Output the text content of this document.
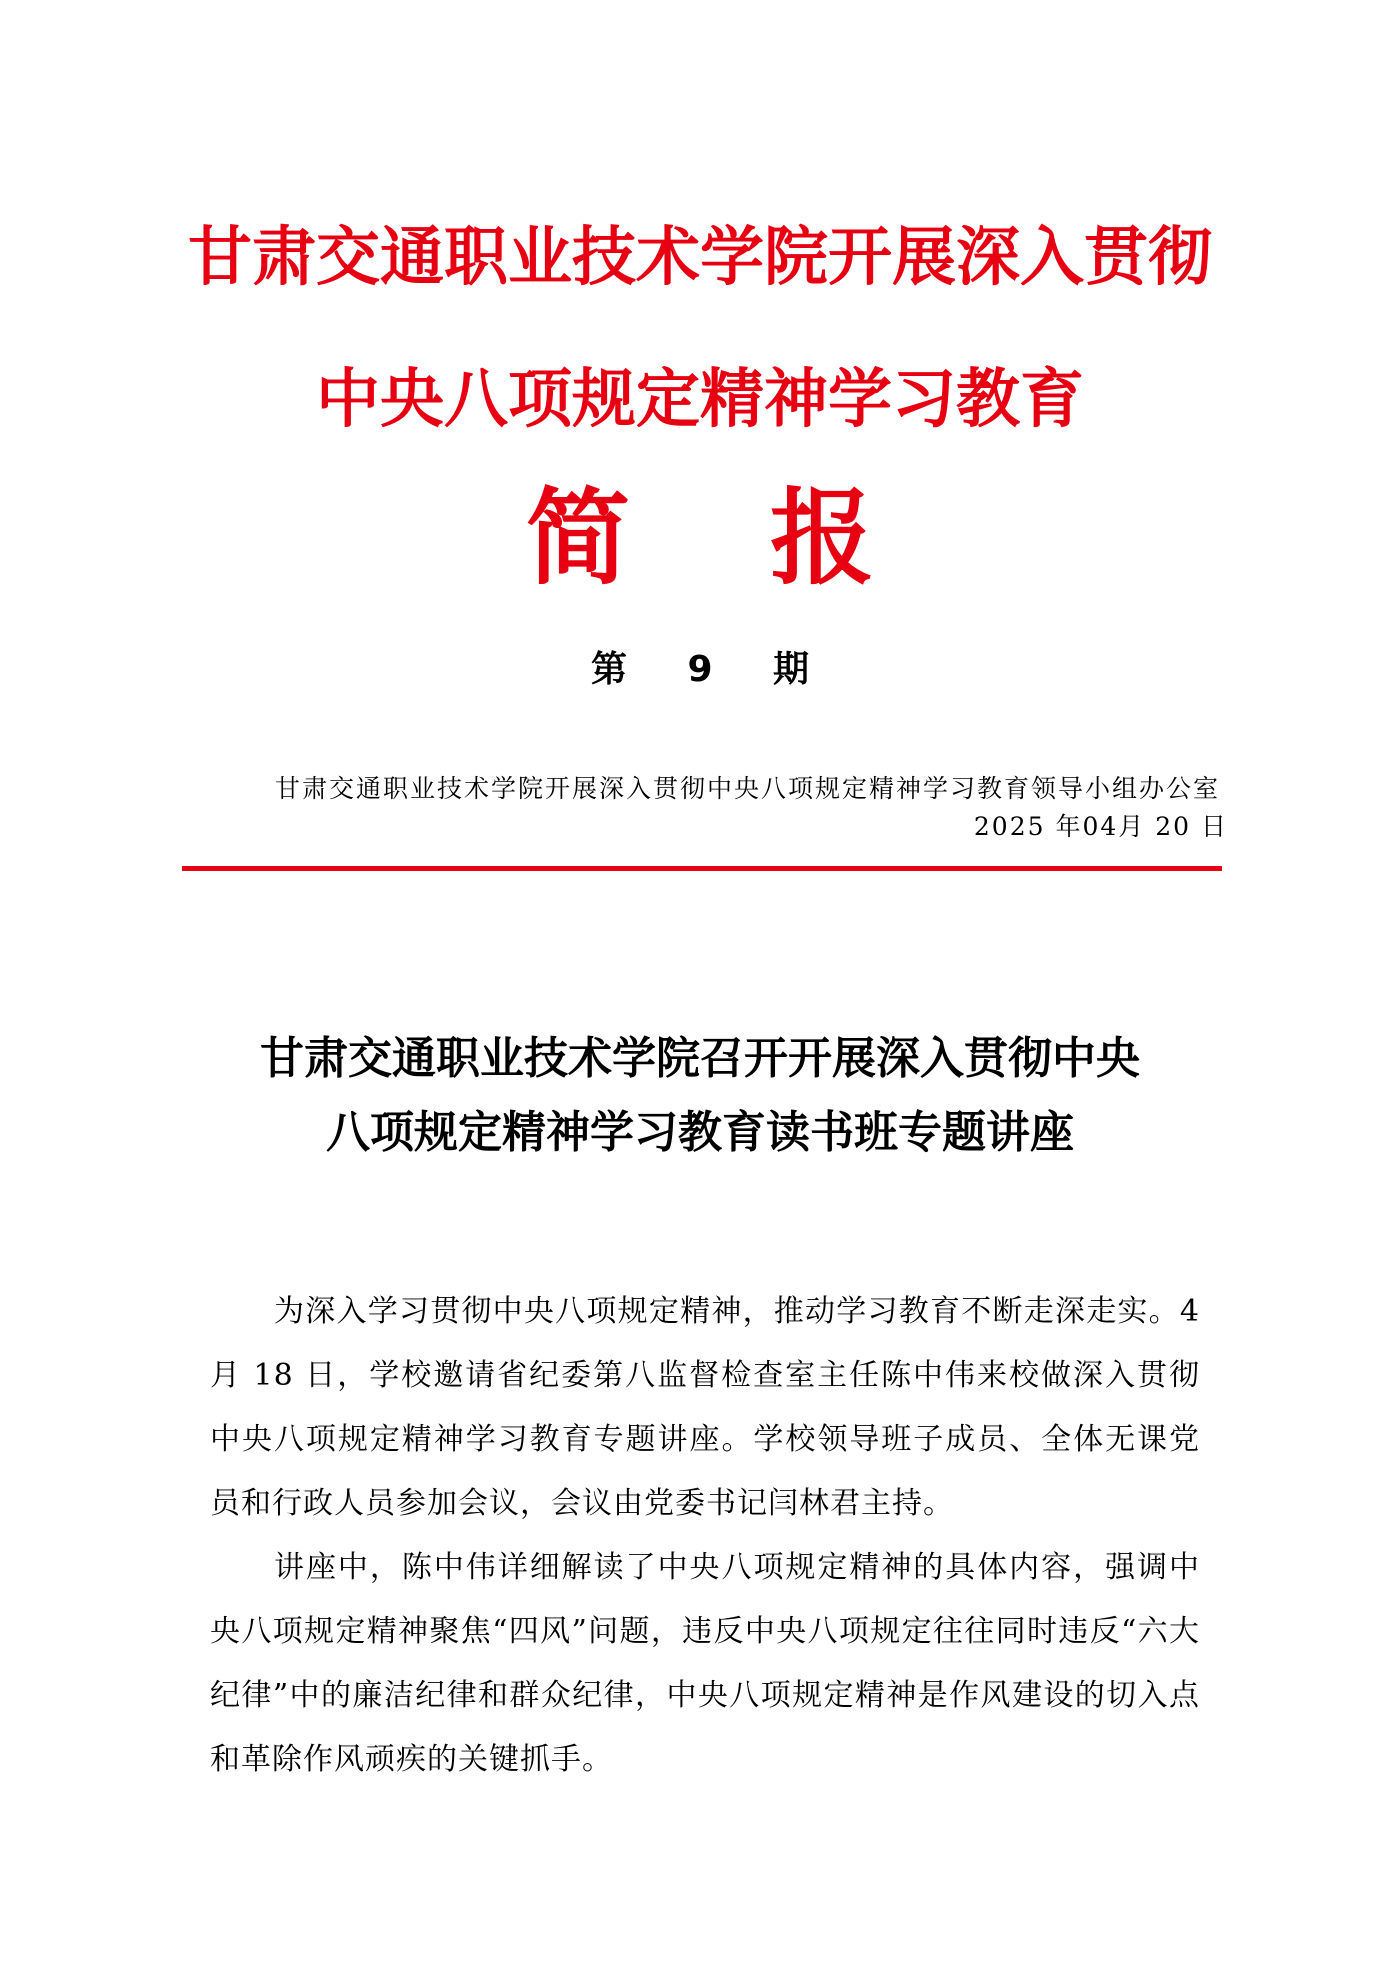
甘肃交通职业技术学院开展深入贯彻
中央八项规定精神学习教育
简报
第 9 期
甘肃交通职业技术学院开展深入贯彻中央八项规定精神学习教育领导小组办公室
2025 年04月 20 日
甘肃交通职业技术学院召开开展深入贯彻中央
八项规定精神学习教育读书班专题讲座

为深入学习贯彻中央八项规定精神，推动学习教育不断走深走实。4 月 18 日，学校邀请省纪委第八监督检查室主任陈中伟来校做深入贯彻中央八项规定精神学习教育专题讲座。学校领导班子成员、全体无课党员和行政人员参加会议，会议由党委书记闫林君主持。

讲座中，陈中伟详细解读了中央八项规定精神的具体内容，强调中央八项规定精神聚焦“四风”问题，违反中央八项规定往往同时违反“六大纪律”中的廉洁纪律和群众纪律，中央八项规定精神是作风建设的切入点和革除作风顽疾的关键抓手。
